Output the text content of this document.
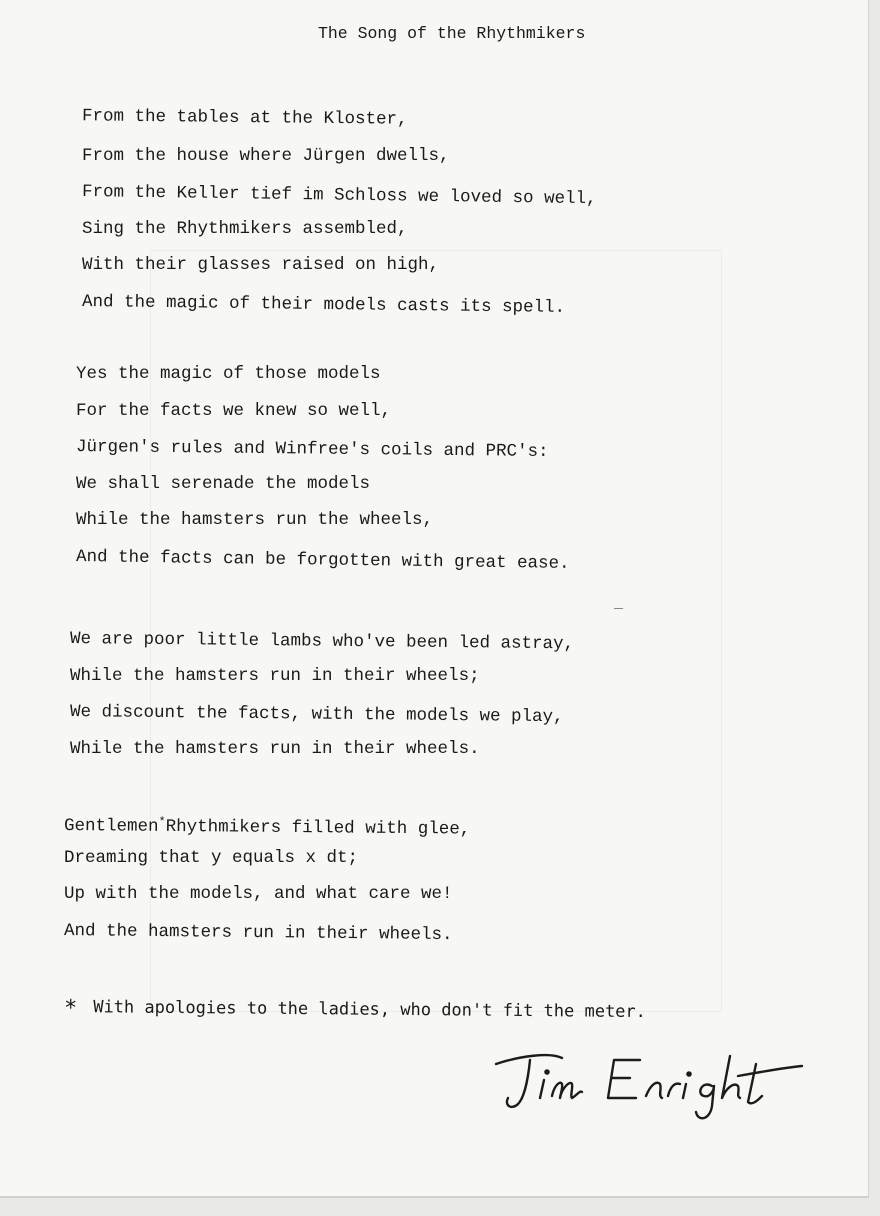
The Song of the Rhythmikers
From the tables at the Kloster,
From the house where Jürgen dwells,
From the Keller tief im Schloss we loved so well,
Sing the Rhythmikers assembled,
With their glasses raised on high,
And the magic of their models casts its spell.
Yes the magic of those models
For the facts we knew so well,
Jürgen's rules and Winfree's coils and PRC's:
We shall serenade the models
While the hamsters run the wheels,
And the facts can be forgotten with great ease.
We are poor little lambs who've been led astray,
While the hamsters run in their wheels;
We discount the facts, with the models we play,
While the hamsters run in their wheels.
Gentlemen*Rhythmikers filled with glee,
Dreaming that y equals x dt;
Up with the models, and what care we!
And the hamsters run in their wheels.
* With apologies to the ladies, who don't fit the meter.
